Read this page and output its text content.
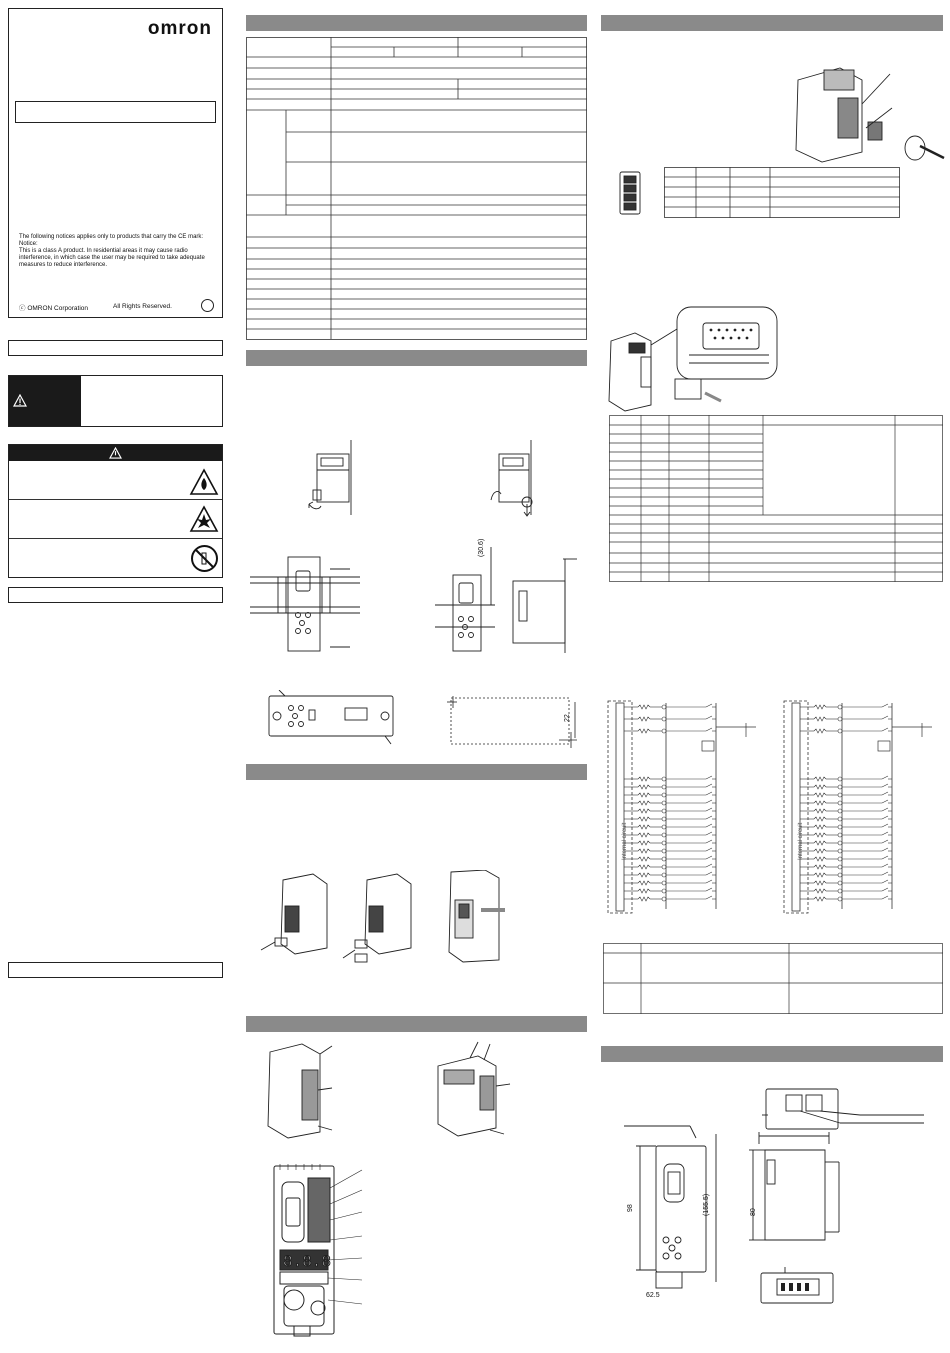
omron
The following notices applies only to products that carry the CE mark:
Notice:
This is a class A product. In residential areas it may cause radio interference, in which case the user may be required to take adequate measures to reduce interference.
ⓒ OMRON Corporation	All Rights Reserved.
(30.6)
22
8.8.8
Internal circuit	Internal circuit
98	(155.5)
62.5
80
